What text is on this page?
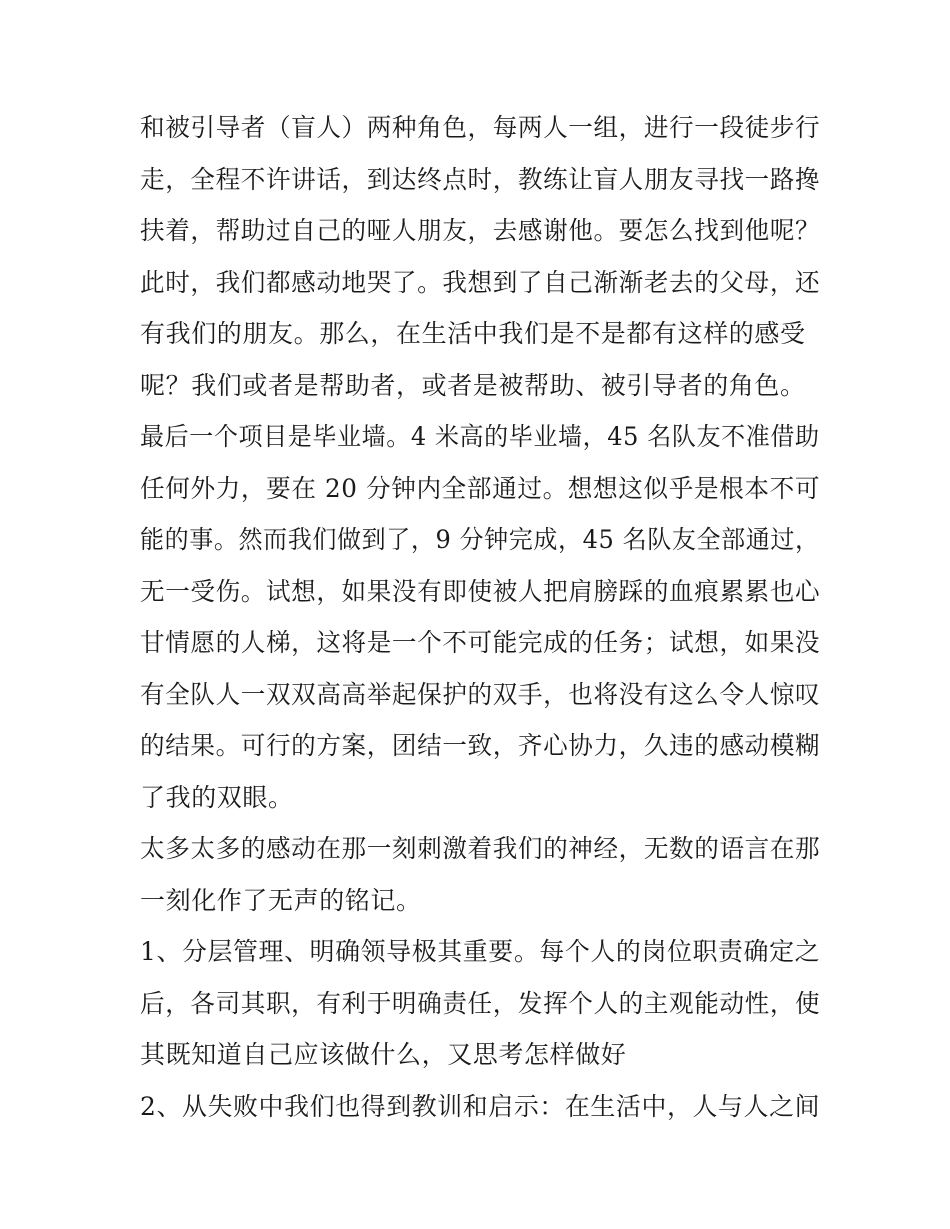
和被引导者（盲人）两种角色，每两人一组，进行一段徒步行
走，全程不许讲话，到达终点时，教练让盲人朋友寻找一路搀
扶着，帮助过自己的哑人朋友，去感谢他。要怎么找到他呢？
此时，我们都感动地哭了。我想到了自己渐渐老去的父母，还
有我们的朋友。那么，在生活中我们是不是都有这样的感受
呢？我们或者是帮助者，或者是被帮助、被引导者的角色。

最后一个项目是毕业墙。4 米高的毕业墙，45 名队友不准借助
任何外力，要在 20 分钟内全部通过。想想这似乎是根本不可
能的事。然而我们做到了，9 分钟完成，45 名队友全部通过，
无一受伤。试想，如果没有即使被人把肩膀踩的血痕累累也心
甘情愿的人梯，这将是一个不可能完成的任务；试想，如果没
有全队人一双双高高举起保护的双手，也将没有这么令人惊叹
的结果。可行的方案，团结一致，齐心协力，久违的感动模糊
了我的双眼。

太多太多的感动在那一刻刺激着我们的神经，无数的语言在那
一刻化作了无声的铭记。

1、分层管理、明确领导极其重要。每个人的岗位职责确定之
后，各司其职，有利于明确责任，发挥个人的主观能动性，使
其既知道自己应该做什么，又思考怎样做好

2、从失败中我们也得到教训和启示：在生活中，人与人之间
